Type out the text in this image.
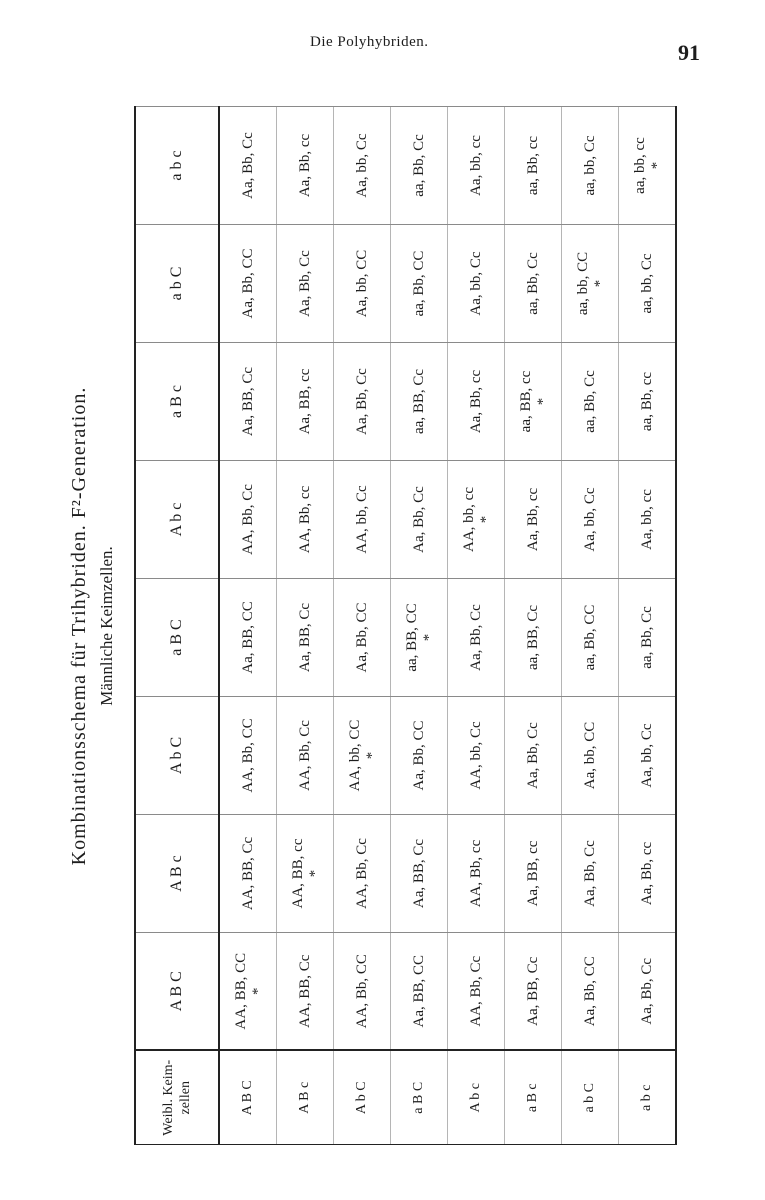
Die Polyhybriden.	91
Kombinationsschema für Trihybriden. F²-Generation. Männliche Keimzellen.
Weibl. Keim-zellen	A B C	A B c	A b C	a B C	A b c	a B c	a b C	a b c
A B C	AA, BB, CC *	AA, BB, Cc	AA, Bb, CC	Aa, BB, CC	AA, Bb, Cc	Aa, BB, Cc	Aa, Bb, CC	Aa, Bb, Cc

A B c	AA, BB, Cc	AA, BB, cc *	AA, Bb, Cc	Aa, BB, Cc	AA, Bb, cc	Aa, BB, cc	Aa, Bb, Cc	Aa, Bb, cc

A b C	AA, Bb, CC	AA, Bb, Cc	AA, bb, CC *	Aa, Bb, CC	AA, bb, Cc	Aa, Bb, Cc	Aa, bb, CC	Aa, bb, Cc

a B C	Aa, BB, CC	Aa, BB, Cc	Aa, Bb, CC	aa, BB, CC *	Aa, Bb, Cc	aa, BB, Cc	aa, Bb, CC	aa, Bb, Cc

A b c	AA, Bb, Cc	AA, Bb, cc	AA, bb, Cc	Aa, Bb, Cc	AA, bb, cc *	Aa, Bb, cc	Aa, bb, Cc	Aa, bb, cc

a B c	Aa, BB, Cc	Aa, BB, cc	Aa, Bb, Cc	aa, BB, Cc	Aa, Bb, cc	aa, BB, cc *	aa, Bb, Cc	aa, Bb, cc

a b C	Aa, Bb, CC	Aa, Bb, Cc	Aa, bb, CC	aa, Bb, CC	Aa, bb, Cc	aa, Bb, Cc	aa, bb, CC *	aa, bb, Cc

a b c	Aa, Bb, Cc	Aa, Bb, cc	Aa, bb, Cc	aa, Bb, Cc	Aa, bb, cc	aa, Bb, cc	aa, bb, Cc	aa, bb, cc *
